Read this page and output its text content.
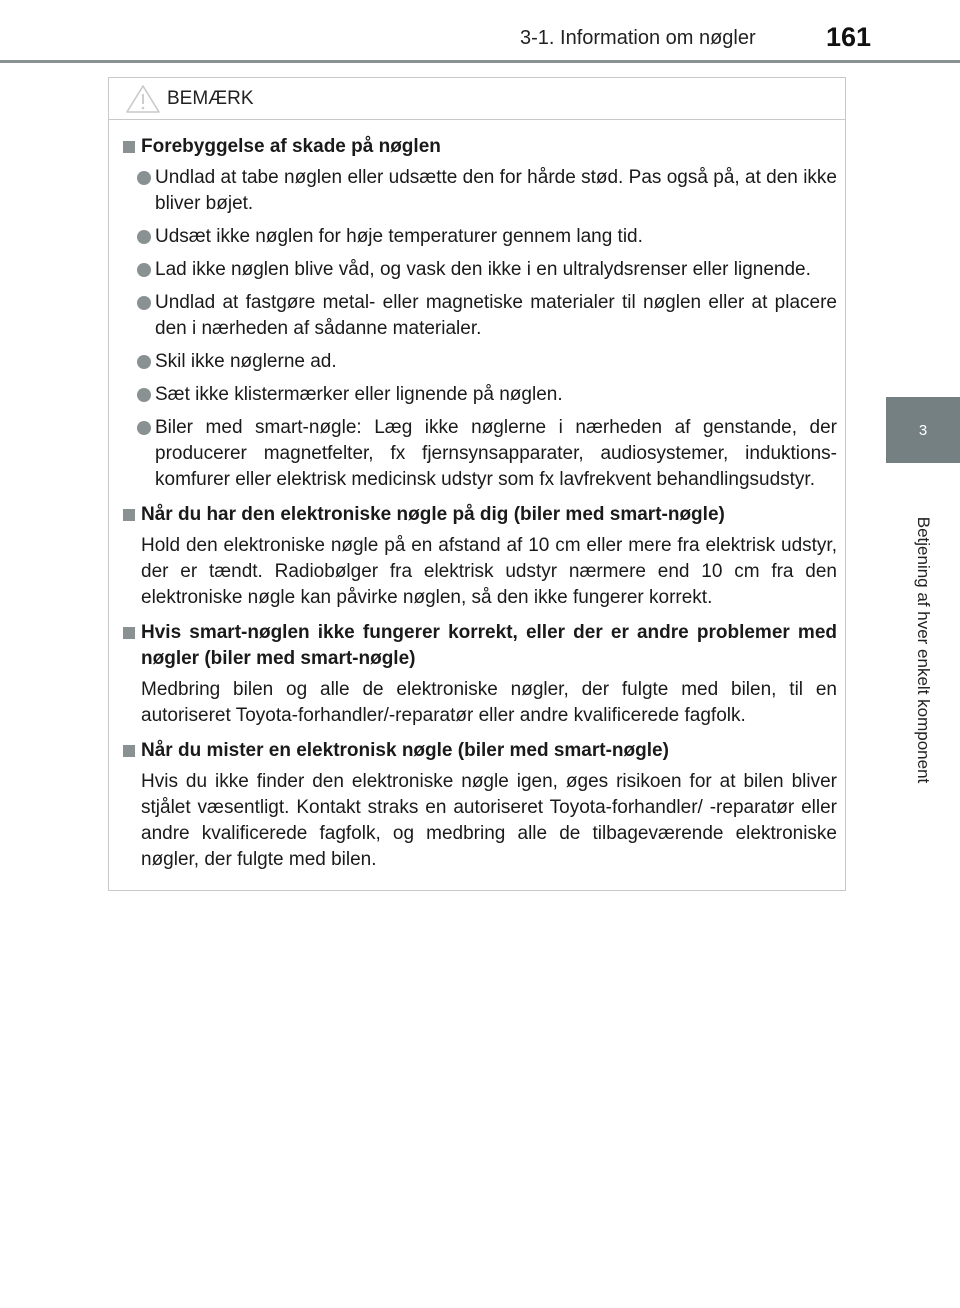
3-1. Information om nøgler	161
3
Betjening af hver enkelt komponent
BEMÆRK
Forebyggelse af skade på nøglen
Undlad at tabe nøglen eller udsætte den for hårde stød. Pas også på, at den ikke bliver bøjet.
Udsæt ikke nøglen for høje temperaturer gennem lang tid.
Lad ikke nøglen blive våd, og vask den ikke i en ultralydsrenser eller lignende.
Undlad at fastgøre metal- eller magnetiske materialer til nøglen eller at placere den i nærheden af sådanne materialer.
Skil ikke nøglerne ad.
Sæt ikke klistermærker eller lignende på nøglen.
Biler med smart-nøgle: Læg ikke nøglerne i nærheden af genstande, der producerer magnetfelter, fx fjernsynsapparater, audiosystemer, induktionskomfurer eller elektrisk medicinsk udstyr som fx lavfrekvent behandlingsudstyr.
Når du har den elektroniske nøgle på dig (biler med smart-nøgle)
Hold den elektroniske nøgle på en afstand af 10 cm eller mere fra elektrisk udstyr, der er tændt. Radiobølger fra elektrisk udstyr nærmere end 10 cm fra den elektroniske nøgle kan påvirke nøglen, så den ikke fungerer korrekt.
Hvis smart-nøglen ikke fungerer korrekt, eller der er andre problemer med nøgler (biler med smart-nøgle)
Medbring bilen og alle de elektroniske nøgler, der fulgte med bilen, til en autoriseret Toyota-forhandler/-reparatør eller andre kvalificerede fagfolk.
Når du mister en elektronisk nøgle (biler med smart-nøgle)
Hvis du ikke finder den elektroniske nøgle igen, øges risikoen for at bilen bliver stjålet væsentligt. Kontakt straks en autoriseret Toyota-forhandler/ -reparatør eller andre kvalificerede fagfolk, og medbring alle de tilbageværende elektroniske nøgler, der fulgte med bilen.
